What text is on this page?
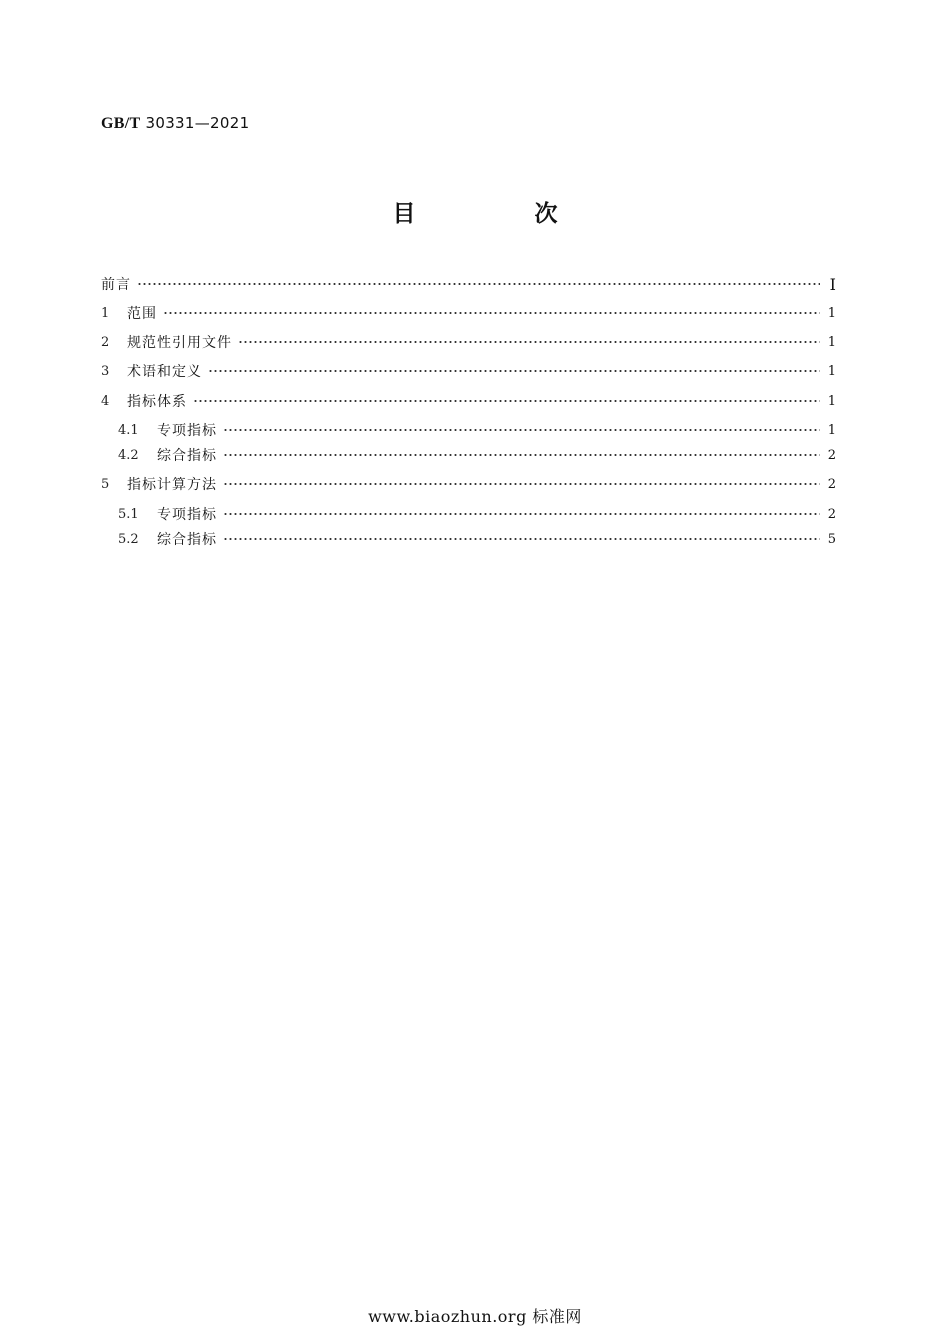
GB/T 30331—2021
目　次
前言	I
1	范围	1
2	规范性引用文件	1
3	术语和定义	1
4	指标体系	1
4.1	专项指标	1
4.2	综合指标	2
5	指标计算方法	2
5.1	专项指标	2
5.2	综合指标	5
www.biaozhun.org 标准网
